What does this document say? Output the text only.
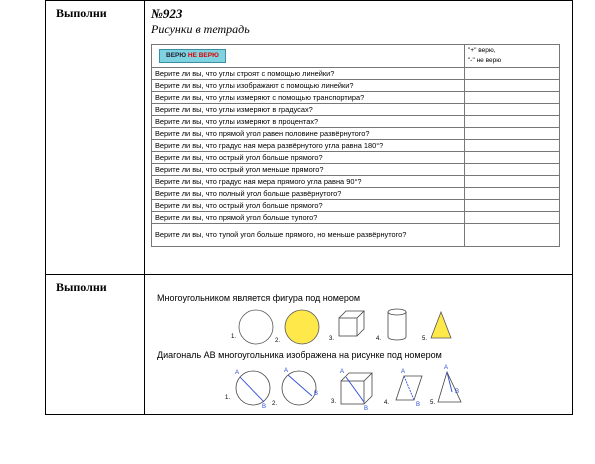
Выполни	№923
Рисунки в тетрадь
ВЕРЮ НЕ ВЕРЮ	"+" верю,
"-" не верю

Верите ли вы, что углы строят с помощью линейки?	
Верите ли вы, что углы изображают с помощью линейки?	
Верите ли вы, что углы измеряют с помощью транспортира?	
Верите ли вы, что углы измеряют в градусах?	
Верите ли вы, что углы измеряют в процентах?	
Верите ли вы, что прямой угол равен половине развёрнутого?	
Верите ли вы, что градус ная мера развёрнутого угла равна 180°?	
Верите ли вы, что острый угол больше прямого?	
Верите ли вы, что острый угол меньше прямого?	
Верите ли вы, что градус ная мера прямого угла равна 90°?	
Верите ли вы, что полный угол больше развёрнутого?	
Верите ли вы, что острый угол больше прямого?	
Верите ли вы, что прямой угол больше тупого?	
Верите ли вы, что тупой угол больше прямого, но меньше развёрнутого?	
Выполни
Многоугольником является фигура под номером
Диагональ АВ многоугольника изображена на рисунке под номером
1.
2.	3.	4.	5.
1.
A
B 2.
A
B
3.
A
B
4.
A
B 5.
A
B
